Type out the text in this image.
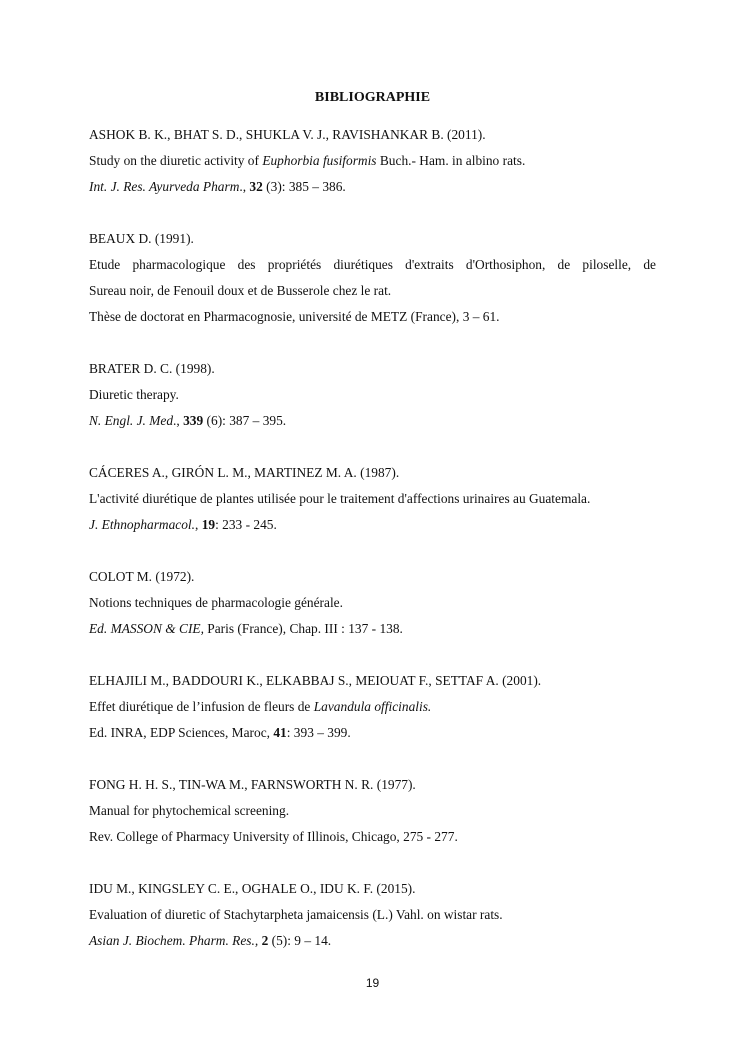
BIBLIOGRAPHIE
ASHOK B. K., BHAT S. D., SHUKLA V. J., RAVISHANKAR B. (2011).
Study on the diuretic activity of Euphorbia fusiformis Buch.- Ham. in albino rats.
Int. J. Res. Ayurveda Pharm., 32 (3): 385 – 386.
BEAUX D. (1991).
Etude pharmacologique des propriétés diurétiques d'extraits d'Orthosiphon, de piloselle, de
Sureau noir, de Fenouil doux et de Busserole chez le rat.
Thèse de doctorat en Pharmacognosie, université de METZ (France), 3 – 61.
BRATER D. C. (1998).
Diuretic therapy.
N. Engl. J. Med., 339 (6): 387 – 395.
CÁCERES A., GIRÓN L. M., MARTINEZ M. A. (1987).
L'activité diurétique de plantes utilisée pour le traitement d'affections urinaires au Guatemala.
J. Ethnopharmacol., 19: 233 - 245.
COLOT M. (1972).
Notions techniques de pharmacologie générale.
Ed. MASSON & CIE, Paris (France), Chap. III : 137 - 138.
ELHAJILI M., BADDOURI K., ELKABBAJ S., MEIOUAT F., SETTAF A. (2001).
Effet diurétique de l’infusion de fleurs de Lavandula officinalis.
Ed. INRA, EDP Sciences, Maroc, 41: 393 – 399.
FONG H. H. S., TIN-WA M., FARNSWORTH N. R. (1977).
Manual for phytochemical screening.
Rev. College of Pharmacy University of Illinois, Chicago, 275 - 277.
IDU M., KINGSLEY C. E., OGHALE O., IDU K. F. (2015).
Evaluation of diuretic of Stachytarpheta jamaicensis (L.) Vahl. on wistar rats.
Asian J. Biochem. Pharm. Res., 2 (5): 9 – 14.
19
